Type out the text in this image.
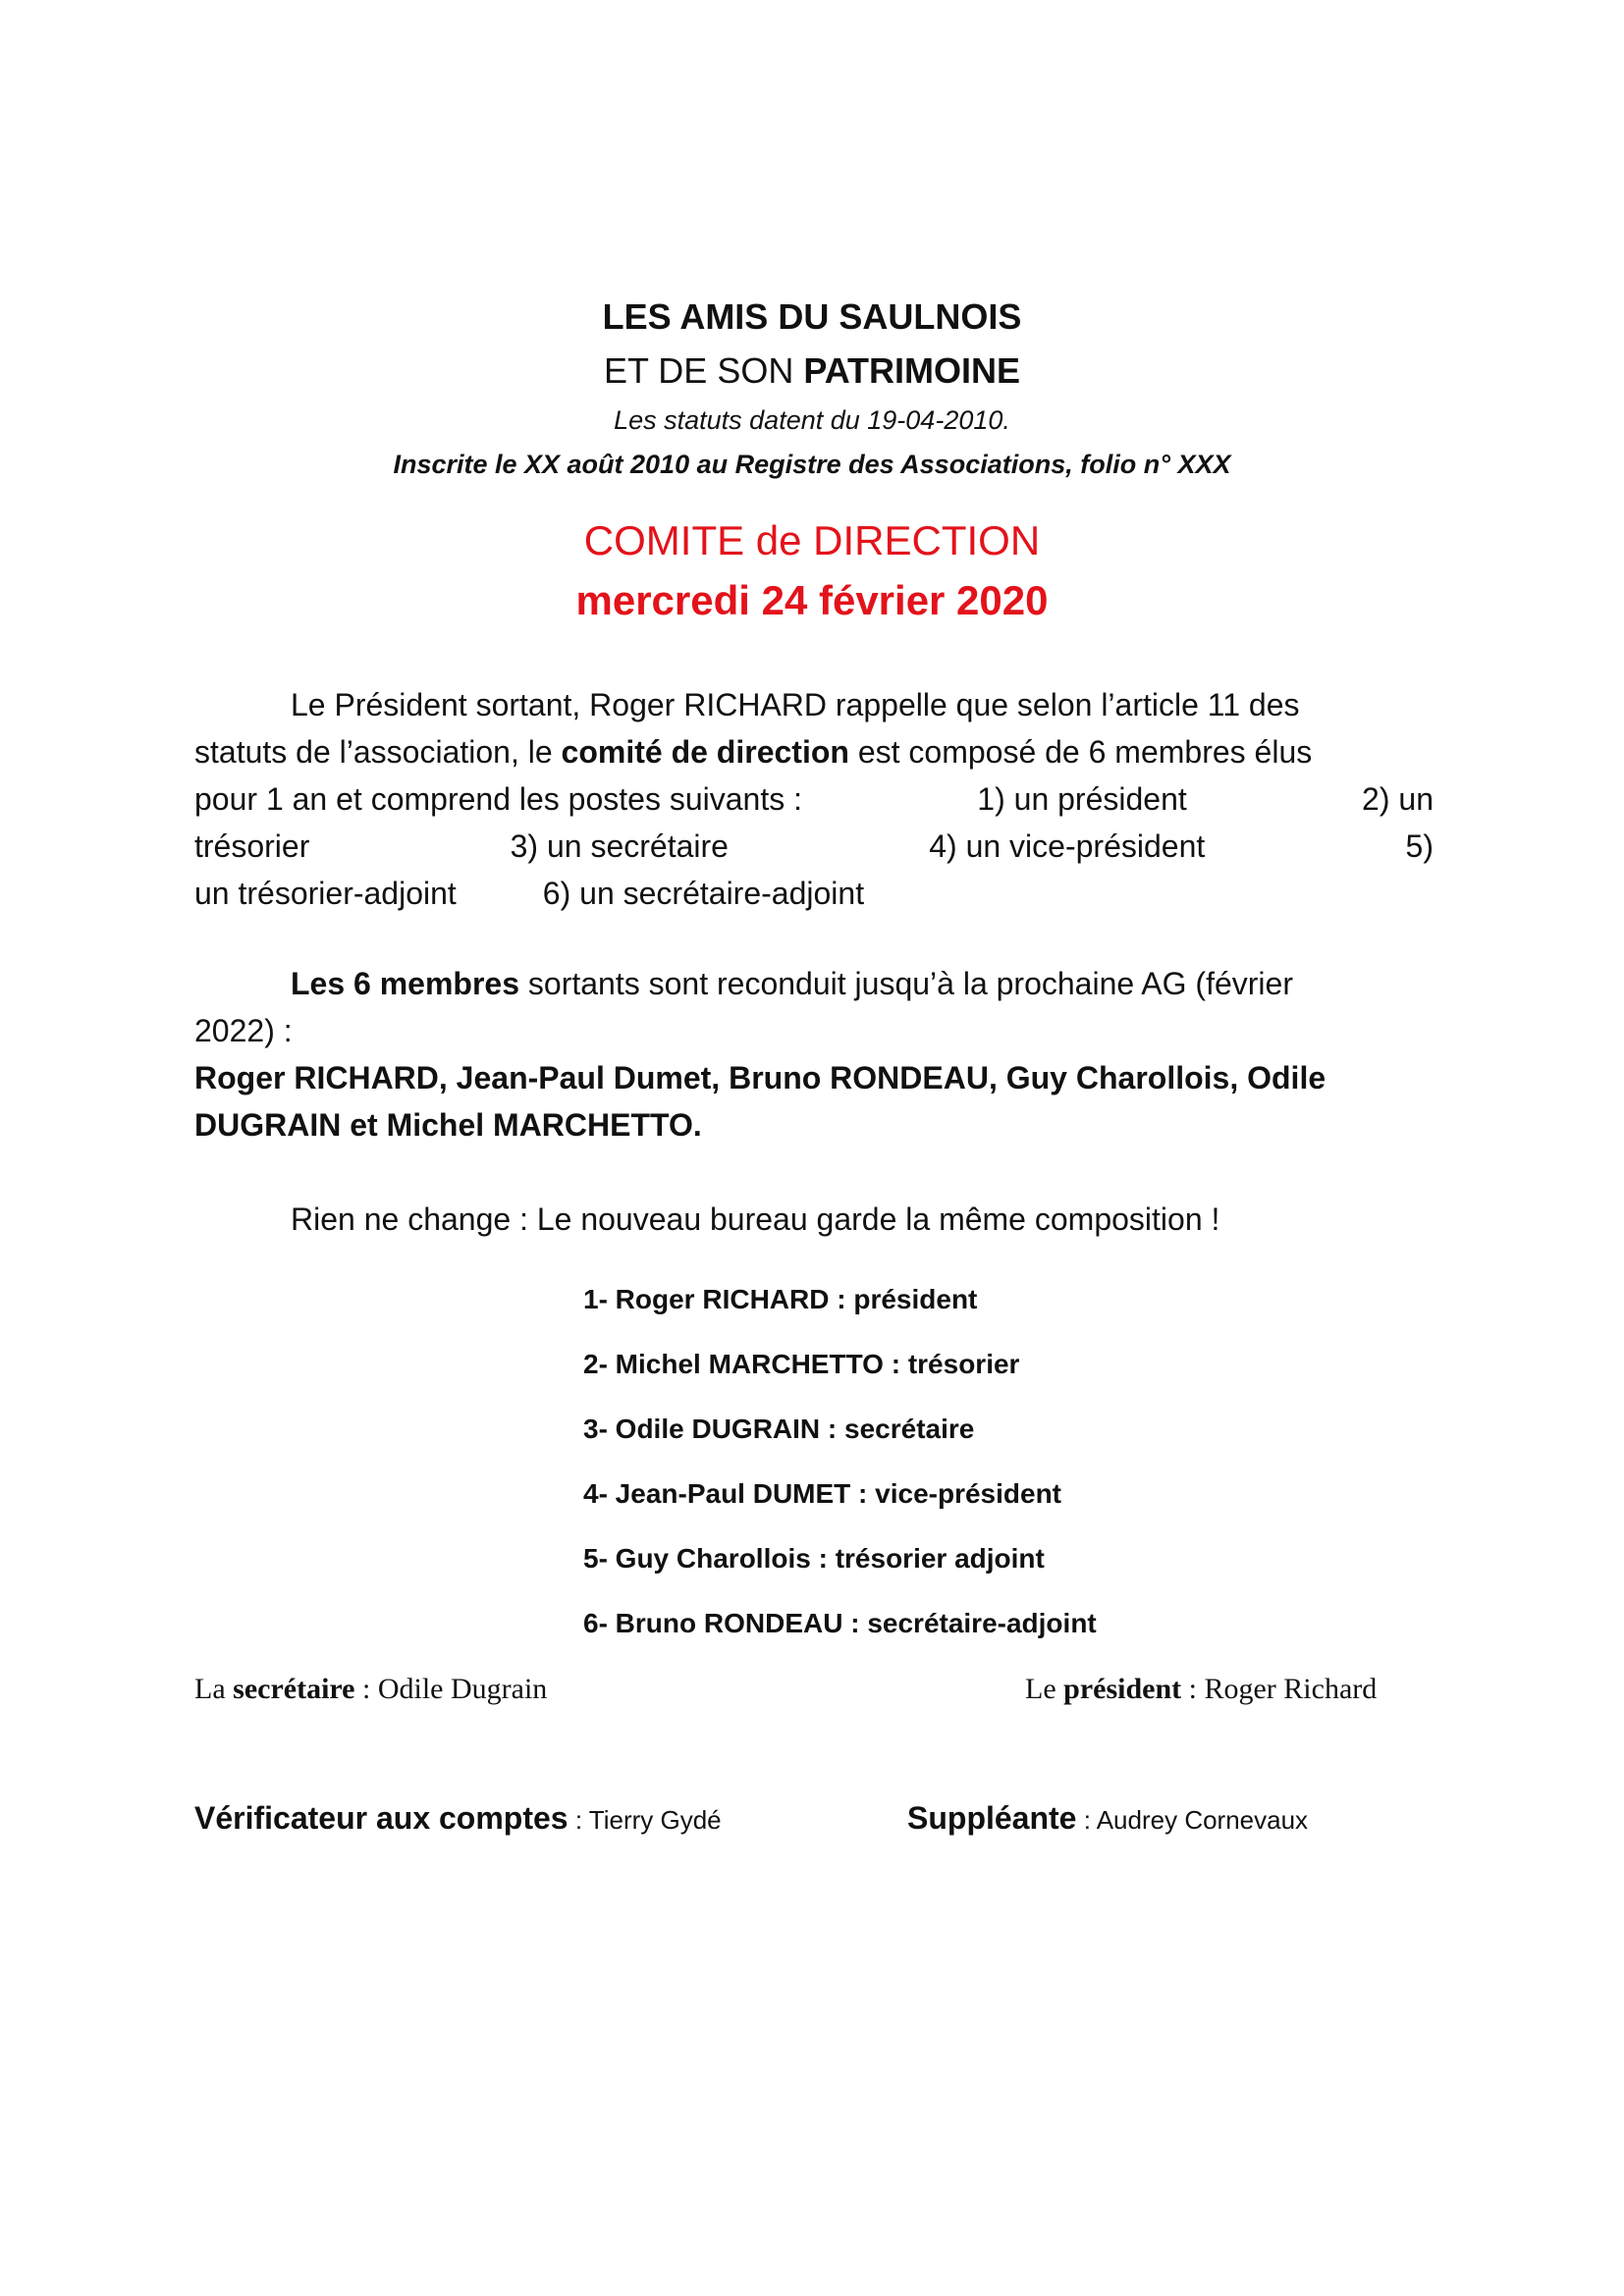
LES AMIS DU SAULNOIS
ET DE SON PATRIMOINE
Les statuts datent du 19-04-2010.
Inscrite le XX août 2010 au Registre des Associations, folio n° XXX
COMITE de DIRECTION
mercredi 24 février 2020
Le Président sortant, Roger RICHARD rappelle que selon l’article 11 des
statuts de l’association, le
comité de direction
est composé de 6 membres élus
pour 1 an et comprend les postes suivants :	1) un président	2) un
trésorier	3) un secrétaire	4) un vice-président	5)
un trésorier-adjoint	6) un secrétaire-adjoint
Les 6 membres
sortants sont reconduit jusqu’à la prochaine AG (février
2022) :
Roger RICHARD, Jean-Paul Dumet, Bruno RONDEAU, Guy Charollois, Odile
DUGRAIN et Michel MARCHETTO.
Rien ne change : Le nouveau bureau garde la même composition !
1- Roger RICHARD : président
2- Michel MARCHETTO : trésorier
3- Odile DUGRAIN : secrétaire
4- Jean-Paul DUMET : vice-président
5- Guy Charollois : trésorier adjoint
6- Bruno RONDEAU : secrétaire-adjoint
La secrétaire : Odile Dugrain	Le président : Roger Richard
Vérificateur aux comptes : Tierry Gydé	Suppléante : Audrey Cornevaux
